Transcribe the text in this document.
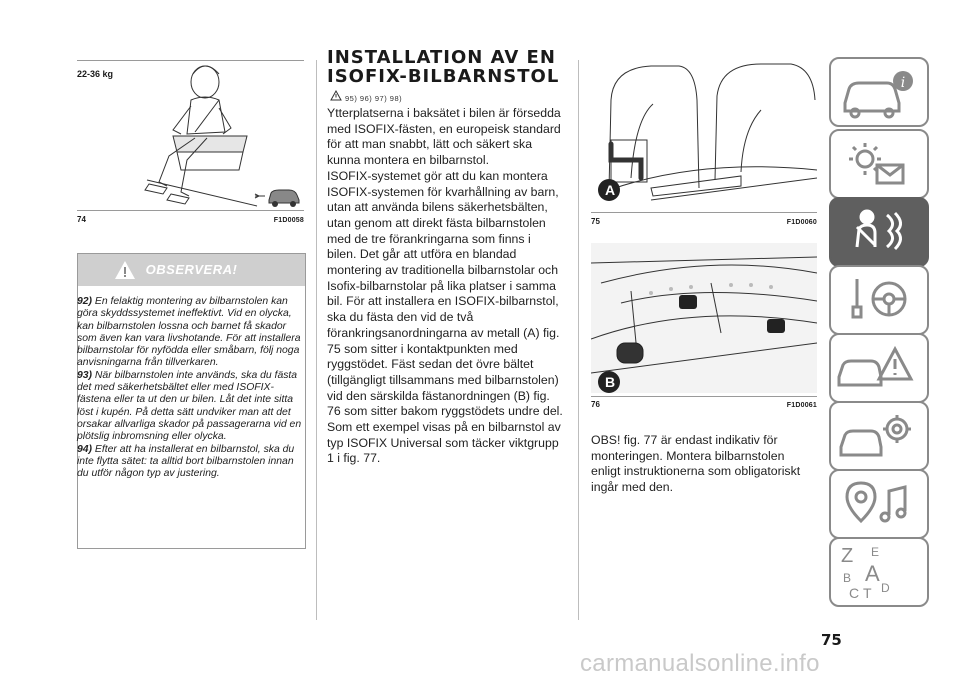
22-36 kg
74	F1D0058
OBSERVERA!

92) En felaktig montering av bilbarnstolen kan göra skyddssystemet ineffektivt. Vid en olycka, kan bilbarnstolen lossna och barnet få skador som även kan vara livshotande. För att installera bilbarnstolar för nyfödda eller småbarn, följ noga anvisningarna från tillverkaren.

93) När bilbarnstolen inte används, ska du fästa det med säkerhetsbältet eller med ISOFIX-fästena eller ta ut den ur bilen. Låt det inte sitta löst i kupén. På detta sätt undviker man att det orsakar allvarliga skador på passagerarna vid en plötslig inbromsning eller olycka.

94) Efter att ha installerat en bilbarnstol, ska du inte flytta sätet: ta alltid bort bilbarnstolen innan du utför någon typ av justering.

INSTALLATION AV EN
ISOFIX-BILBARNSTOL
95) 96) 97) 98)

Ytterplatserna i baksätet i bilen är försedda med ISOFIX-fästen, en europeisk standard för att man snabbt, lätt och säkert ska kunna montera en bilbarnstol.

ISOFIX-systemet gör att du kan montera ISOFIX-systemen för kvarhållning av barn, utan att använda bilens säkerhetsbälten, utan genom att direkt fästa bilbarnstolen med de tre förankringarna som finns i bilen. Det går att utföra en blandad montering av traditionella bilbarnstolar och Isofix-bilbarnstolar på lika platser i samma bil. För att installera en ISOFIX-bilbarnstol, ska du fästa den vid de två förankringsanordningarna av metall (A) fig. 75 som sitter i kontaktpunkten med ryggstödet. Fäst sedan det övre bältet (tillgängligt tillsammans med bilbarnstolen) vid den särskilda fästanordningen (B) fig. 76 som sitter bakom ryggstödets undre del.

Som ett exempel visas på en bilbarnstol av typ ISOFIX Universal som täcker viktgrupp 1 i fig. 77.

A
75	F1D0060
B
76	F1D0061

OBS! fig. 77 är endast indikativ för monteringen. Montera bilbarnstolen enligt instruktionerna som obligatoriskt ingår med den.

i
Z E
B A
C T D
75
carmanualsonline.info
